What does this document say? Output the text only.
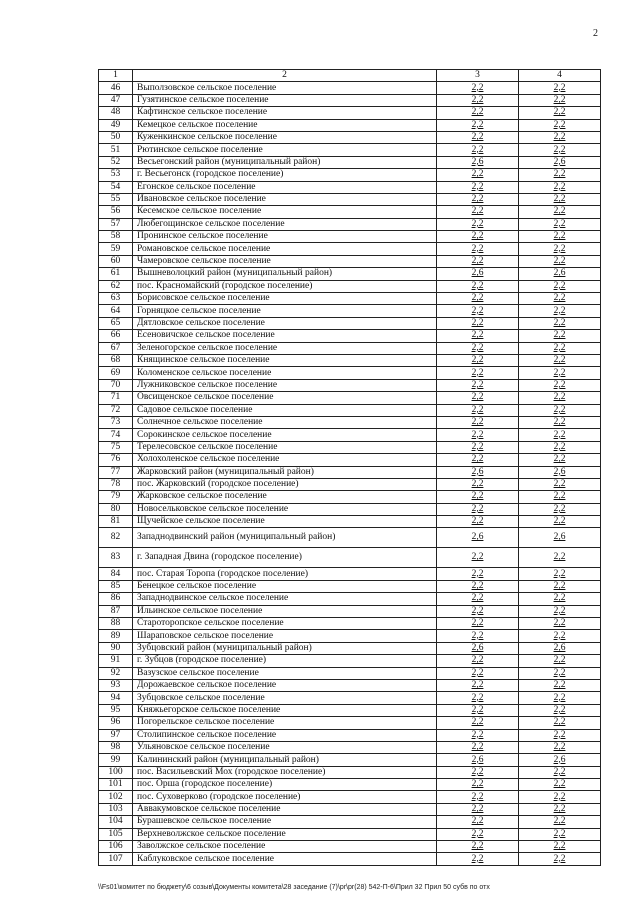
2
1	2	3	4
46	Выползовское сельское поселение	2,2	2,2
47	Гузятинское сельское поселение	2,2	2,2
48	Кафтинское сельское поселение	2,2	2,2
49	Кемецкое сельское поселение	2,2	2,2
50	Куженкинское сельское поселение	2,2	2,2
51	Рютинское сельское поселение	2,2	2,2
52	Весьегонский район (муниципальный район)	2,6	2,6
53	г. Весьегонск (городское поселение)	2,2	2,2
54	Ёгонское сельское поселение	2,2	2,2
55	Ивановское сельское поселение	2,2	2,2
56	Кесемское сельское поселение	2,2	2,2
57	Любегощинское сельское поселение	2,2	2,2
58	Пронинское сельское поселение	2,2	2,2
59	Романовское сельское поселение	2,2	2,2
60	Чамеровское сельское поселение	2,2	2,2
61	Вышневолоцкий район (муниципальный район)	2,6	2,6
62	пос. Красномайский (городское поселение)	2,2	2,2
63	Борисовское сельское поселение	2,2	2,2
64	Горняцкое сельское поселение	2,2	2,2
65	Дятловское сельское поселение	2,2	2,2
66	Есеновичское сельское поселение	2,2	2,2
67	Зеленогорское сельское поселение	2,2	2,2
68	Княщинское сельское поселение	2,2	2,2
69	Коломенское сельское поселение	2,2	2,2
70	Лужниковское сельское поселение	2,2	2,2
71	Овсищенское сельское поселение	2,2	2,2
72	Садовое сельское поселение	2,2	2,2
73	Солнечное сельское поселение	2,2	2,2
74	Сорокинское сельское поселение	2,2	2,2
75	Терелесовское сельское поселение	2,2	2,2
76	Холохоленское сельское поселение	2,2	2,2
77	Жарковский район (муниципальный район)	2,6	2,6
78	пос. Жарковский (городское поселение)	2,2	2,2
79	Жарковское сельское поселение	2,2	2,2
80	Новосельковское сельское поселение	2,2	2,2
81	Щучейское сельское поселение	2,2	2,2
82	Западнодвинский район (муниципальный район)	2,6	2,6
83	г. Западная Двина (городское поселение)	2,2	2,2
84	пос. Старая Торопа (городское поселение)	2,2	2,2
85	Бенецкое сельское поселение	2,2	2,2
86	Западнодвинское сельское поселение	2,2	2,2
87	Ильинское сельское поселение	2,2	2,2
88	Староторопское сельское поселение	2,2	2,2
89	Шараповское сельское поселение	2,2	2,2
90	Зубцовский район (муниципальный район)	2,6	2,6
91	г. Зубцов (городское поселение)	2,2	2,2
92	Вазузское сельское поселение	2,2	2,2
93	Дорожаевское сельское поселение	2,2	2,2
94	Зубцовское сельское поселение	2,2	2,2
95	Княжьегорское сельское поселение	2,2	2,2
96	Погорельское сельское поселение	2,2	2,2
97	Столипинское сельское поселение	2,2	2,2
98	Ульяновское сельское поселение	2,2	2,2
99	Калининский район (муниципальный район)	2,6	2,6
100	пос. Васильевский Мох (городское поселение)	2,2	2,2
101	пос. Орша (городское поселение)	2,2	2,2
102	пос. Суховерково (городское поселение)	2,2	2,2
103	Аввакумовское сельское поселение	2,2	2,2
104	Бурашевское сельское поселение	2,2	2,2
105	Верхневолжское сельское поселение	2,2	2,2
106	Заволжское сельское поселение	2,2	2,2
107	Каблуковское сельское поселение	2,2	2,2
\\Fs01\комитет по бюджету\6 созыв\Документы комитета\28 заседание (7)\pr\pr(28) 542-П-6\Прил 32 Прил 50 субв по отх
